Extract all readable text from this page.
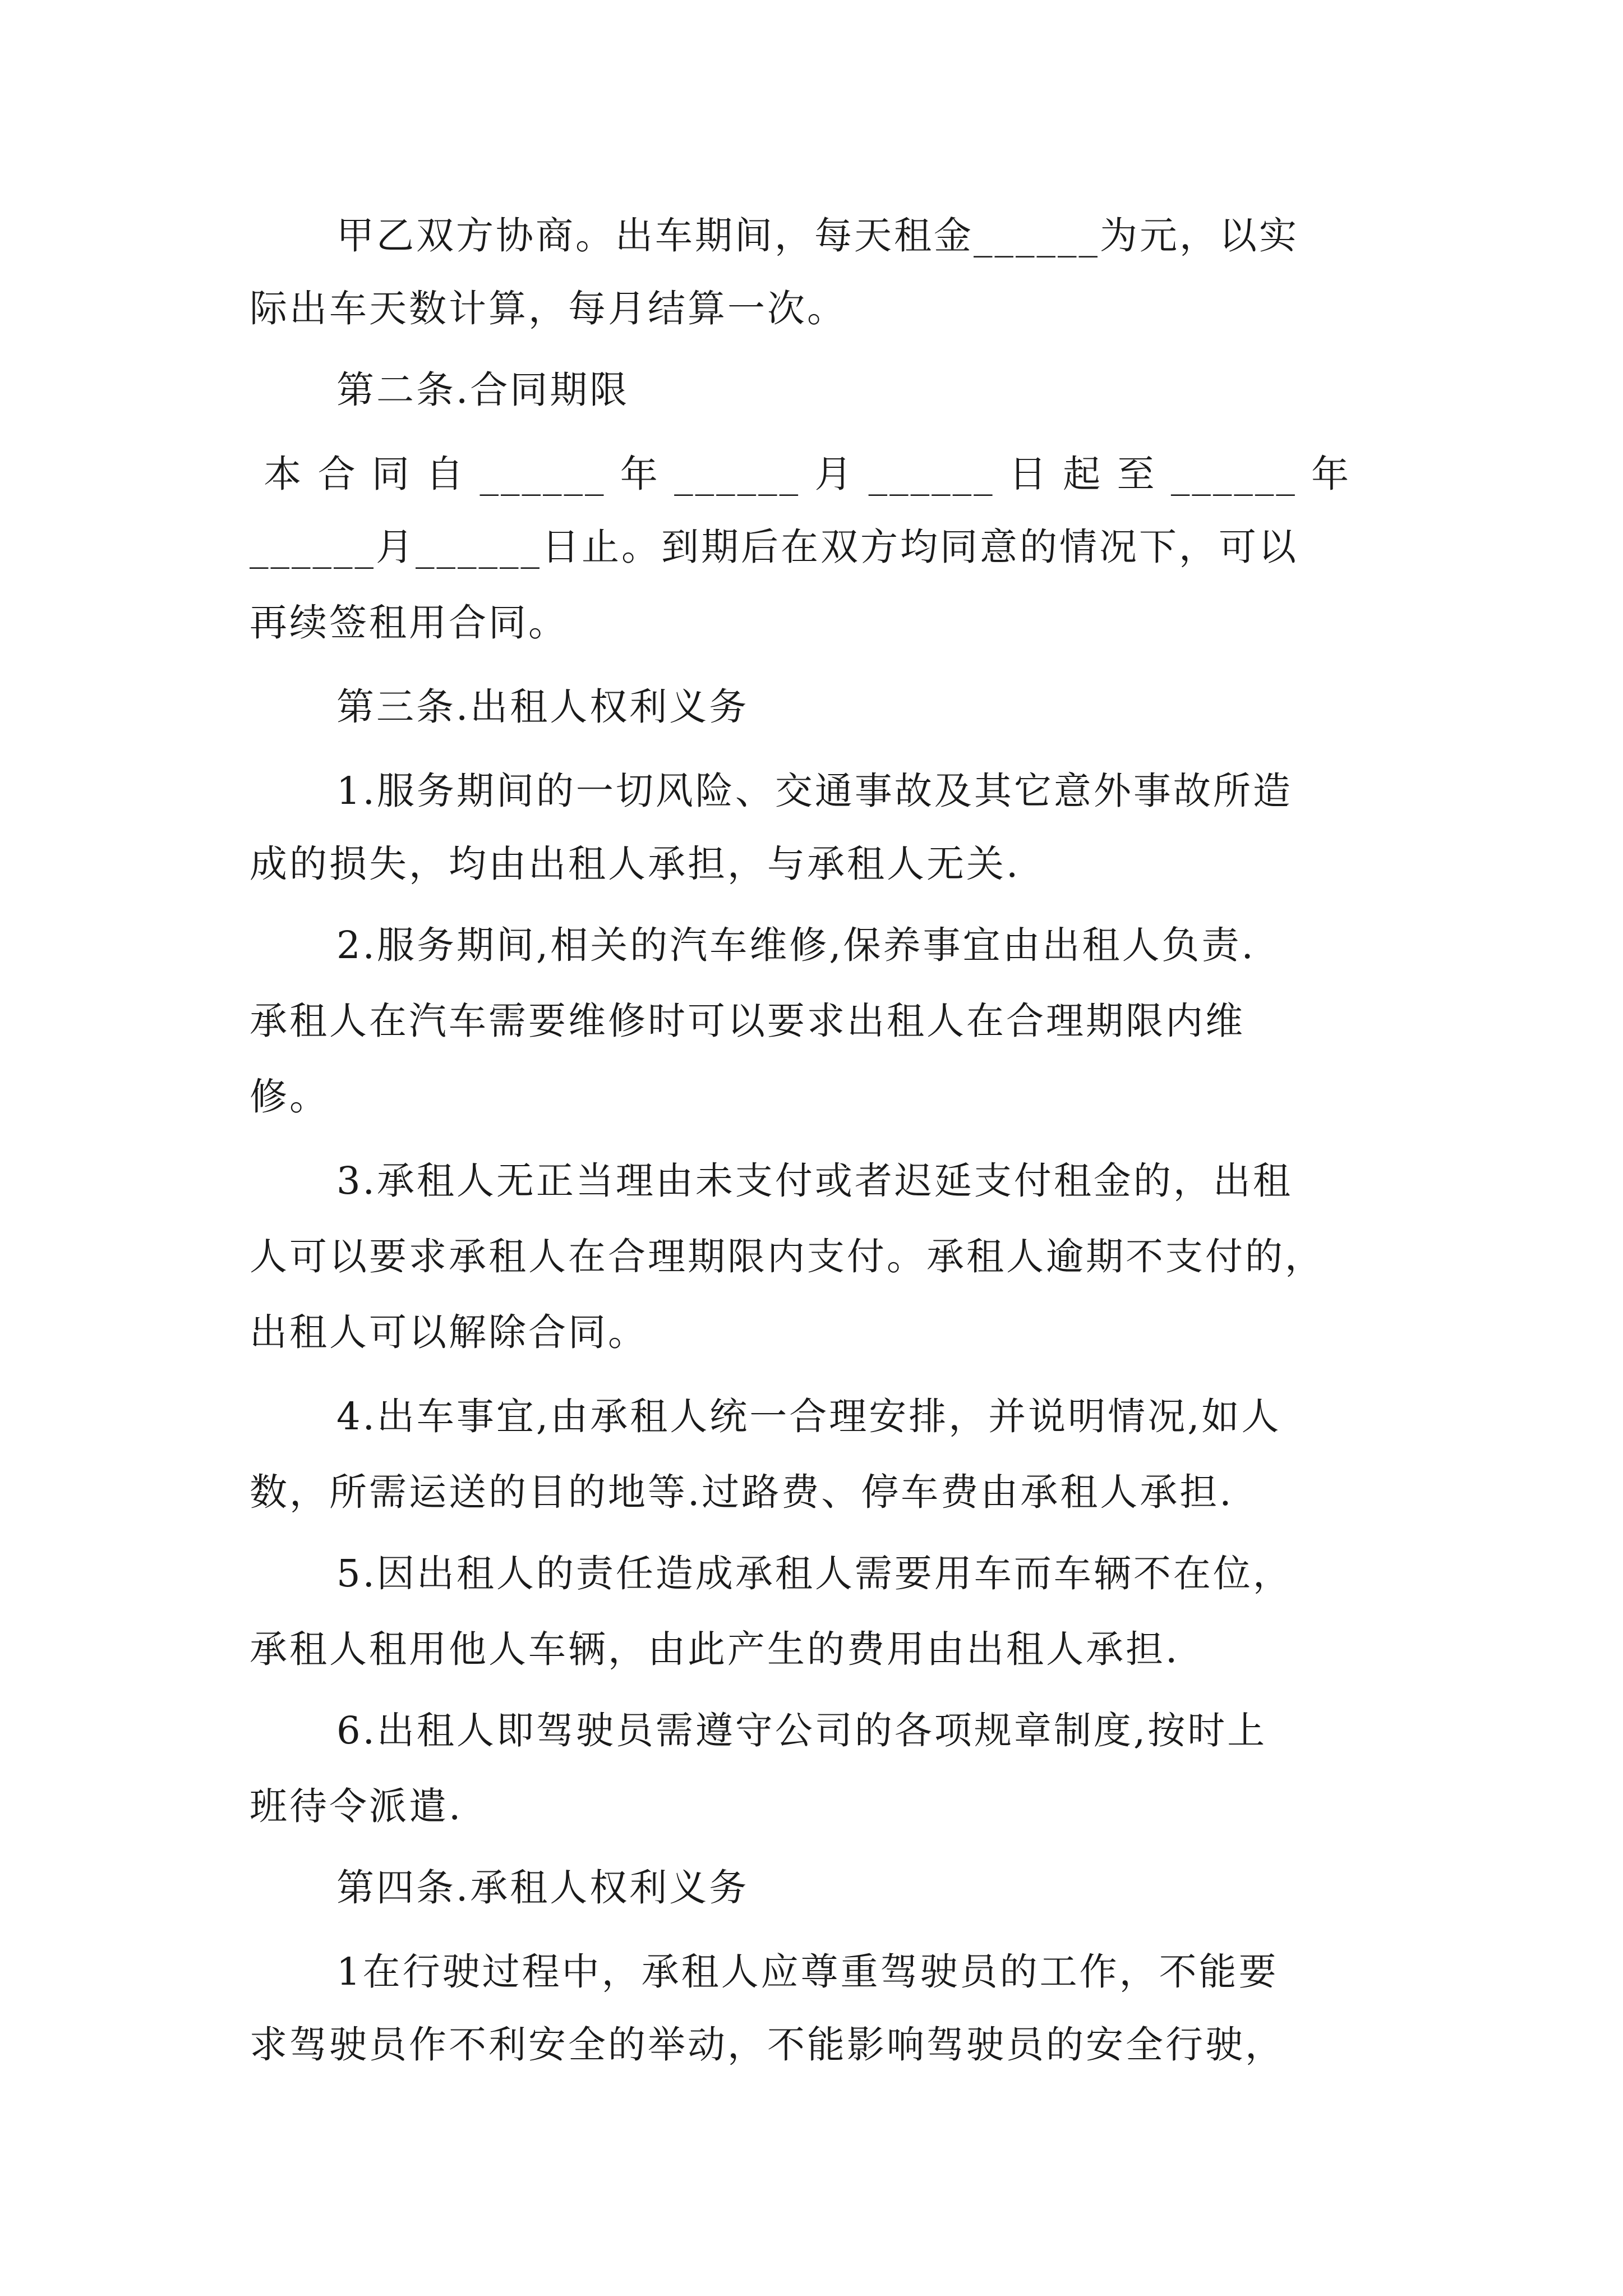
甲乙双方协商。出车期间，每天租金______为元，以实
际出车天数计算，每月结算一次。
第二条.合同期限
本 合 同 自 ______ 年 ______ 月 ______ 日 起 至 ______ 年
______月______日止。到期后在双方均同意的情况下，可以
再续签租用合同。
第三条.出租人权利义务
1.服务期间的一切风险、交通事故及其它意外事故所造
成的损失，均由出租人承担，与承租人无关.
2.服务期间,相关的汽车维修,保养事宜由出租人负责.
承租人在汽车需要维修时可以要求出租人在合理期限内维
修。
3.承租人无正当理由未支付或者迟延支付租金的，出租
人可以要求承租人在合理期限内支付。承租人逾期不支付的，
出租人可以解除合同。
4.出车事宜,由承租人统一合理安排，并说明情况,如人
数，所需运送的目的地等.过路费、停车费由承租人承担.
5.因出租人的责任造成承租人需要用车而车辆不在位，
承租人租用他人车辆，由此产生的费用由出租人承担.
6.出租人即驾驶员需遵守公司的各项规章制度,按时上
班待令派遣.
第四条.承租人权利义务
1在行驶过程中，承租人应尊重驾驶员的工作，不能要
求驾驶员作不利安全的举动，不能影响驾驶员的安全行驶，
